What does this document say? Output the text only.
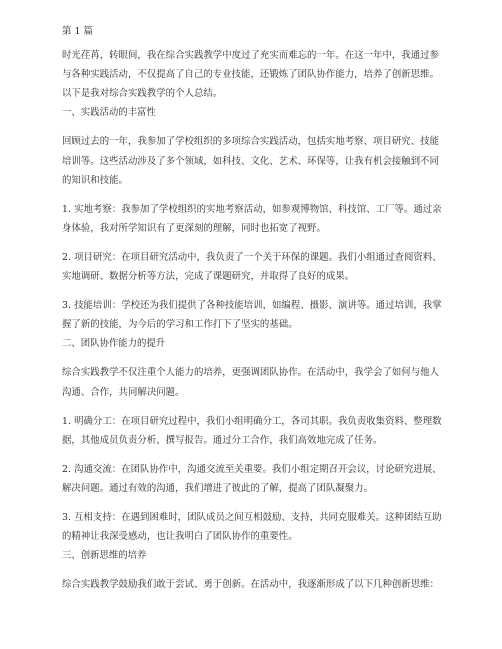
第 1 篇

时光荏苒，转眼间，我在综合实践教学中度过了充实而难忘的一年。在这一年中，我通过参与各种实践活动，不仅提高了自己的专业技能，还锻炼了团队协作能力，培养了创新思维。以下是我对综合实践教学的个人总结。

一、实践活动的丰富性

回顾过去的一年，我参加了学校组织的多项综合实践活动，包括实地考察、项目研究、技能培训等。这些活动涉及了多个领域，如科技、文化、艺术、环保等，让我有机会接触到不同的知识和技能。

1. 实地考察：我参加了学校组织的实地考察活动，如参观博物馆、科技馆、工厂等。通过亲身体验，我对所学知识有了更深刻的理解，同时也拓宽了视野。

2. 项目研究：在项目研究活动中，我负责了一个关于环保的课题。我们小组通过查阅资料、实地调研、数据分析等方法，完成了课题研究，并取得了良好的成果。

3. 技能培训：学校还为我们提供了各种技能培训，如编程、摄影、演讲等。通过培训，我掌握了新的技能，为今后的学习和工作打下了坚实的基础。

二、团队协作能力的提升

综合实践教学不仅注重个人能力的培养，更强调团队协作。在活动中，我学会了如何与他人沟通、合作，共同解决问题。

1. 明确分工：在项目研究过程中，我们小组明确分工，各司其职。我负责收集资料、整理数据，其他成员负责分析、撰写报告。通过分工合作，我们高效地完成了任务。

2. 沟通交流：在团队协作中，沟通交流至关重要。我们小组定期召开会议，讨论研究进展、解决问题。通过有效的沟通，我们增进了彼此的了解，提高了团队凝聚力。

3. 互相支持：在遇到困难时，团队成员之间互相鼓励、支持，共同克服难关。这种团结互助的精神让我深受感动，也让我明白了团队协作的重要性。

三、创新思维的培养

综合实践教学鼓励我们敢于尝试、勇于创新。在活动中，我逐渐形成了以下几种创新思维：
